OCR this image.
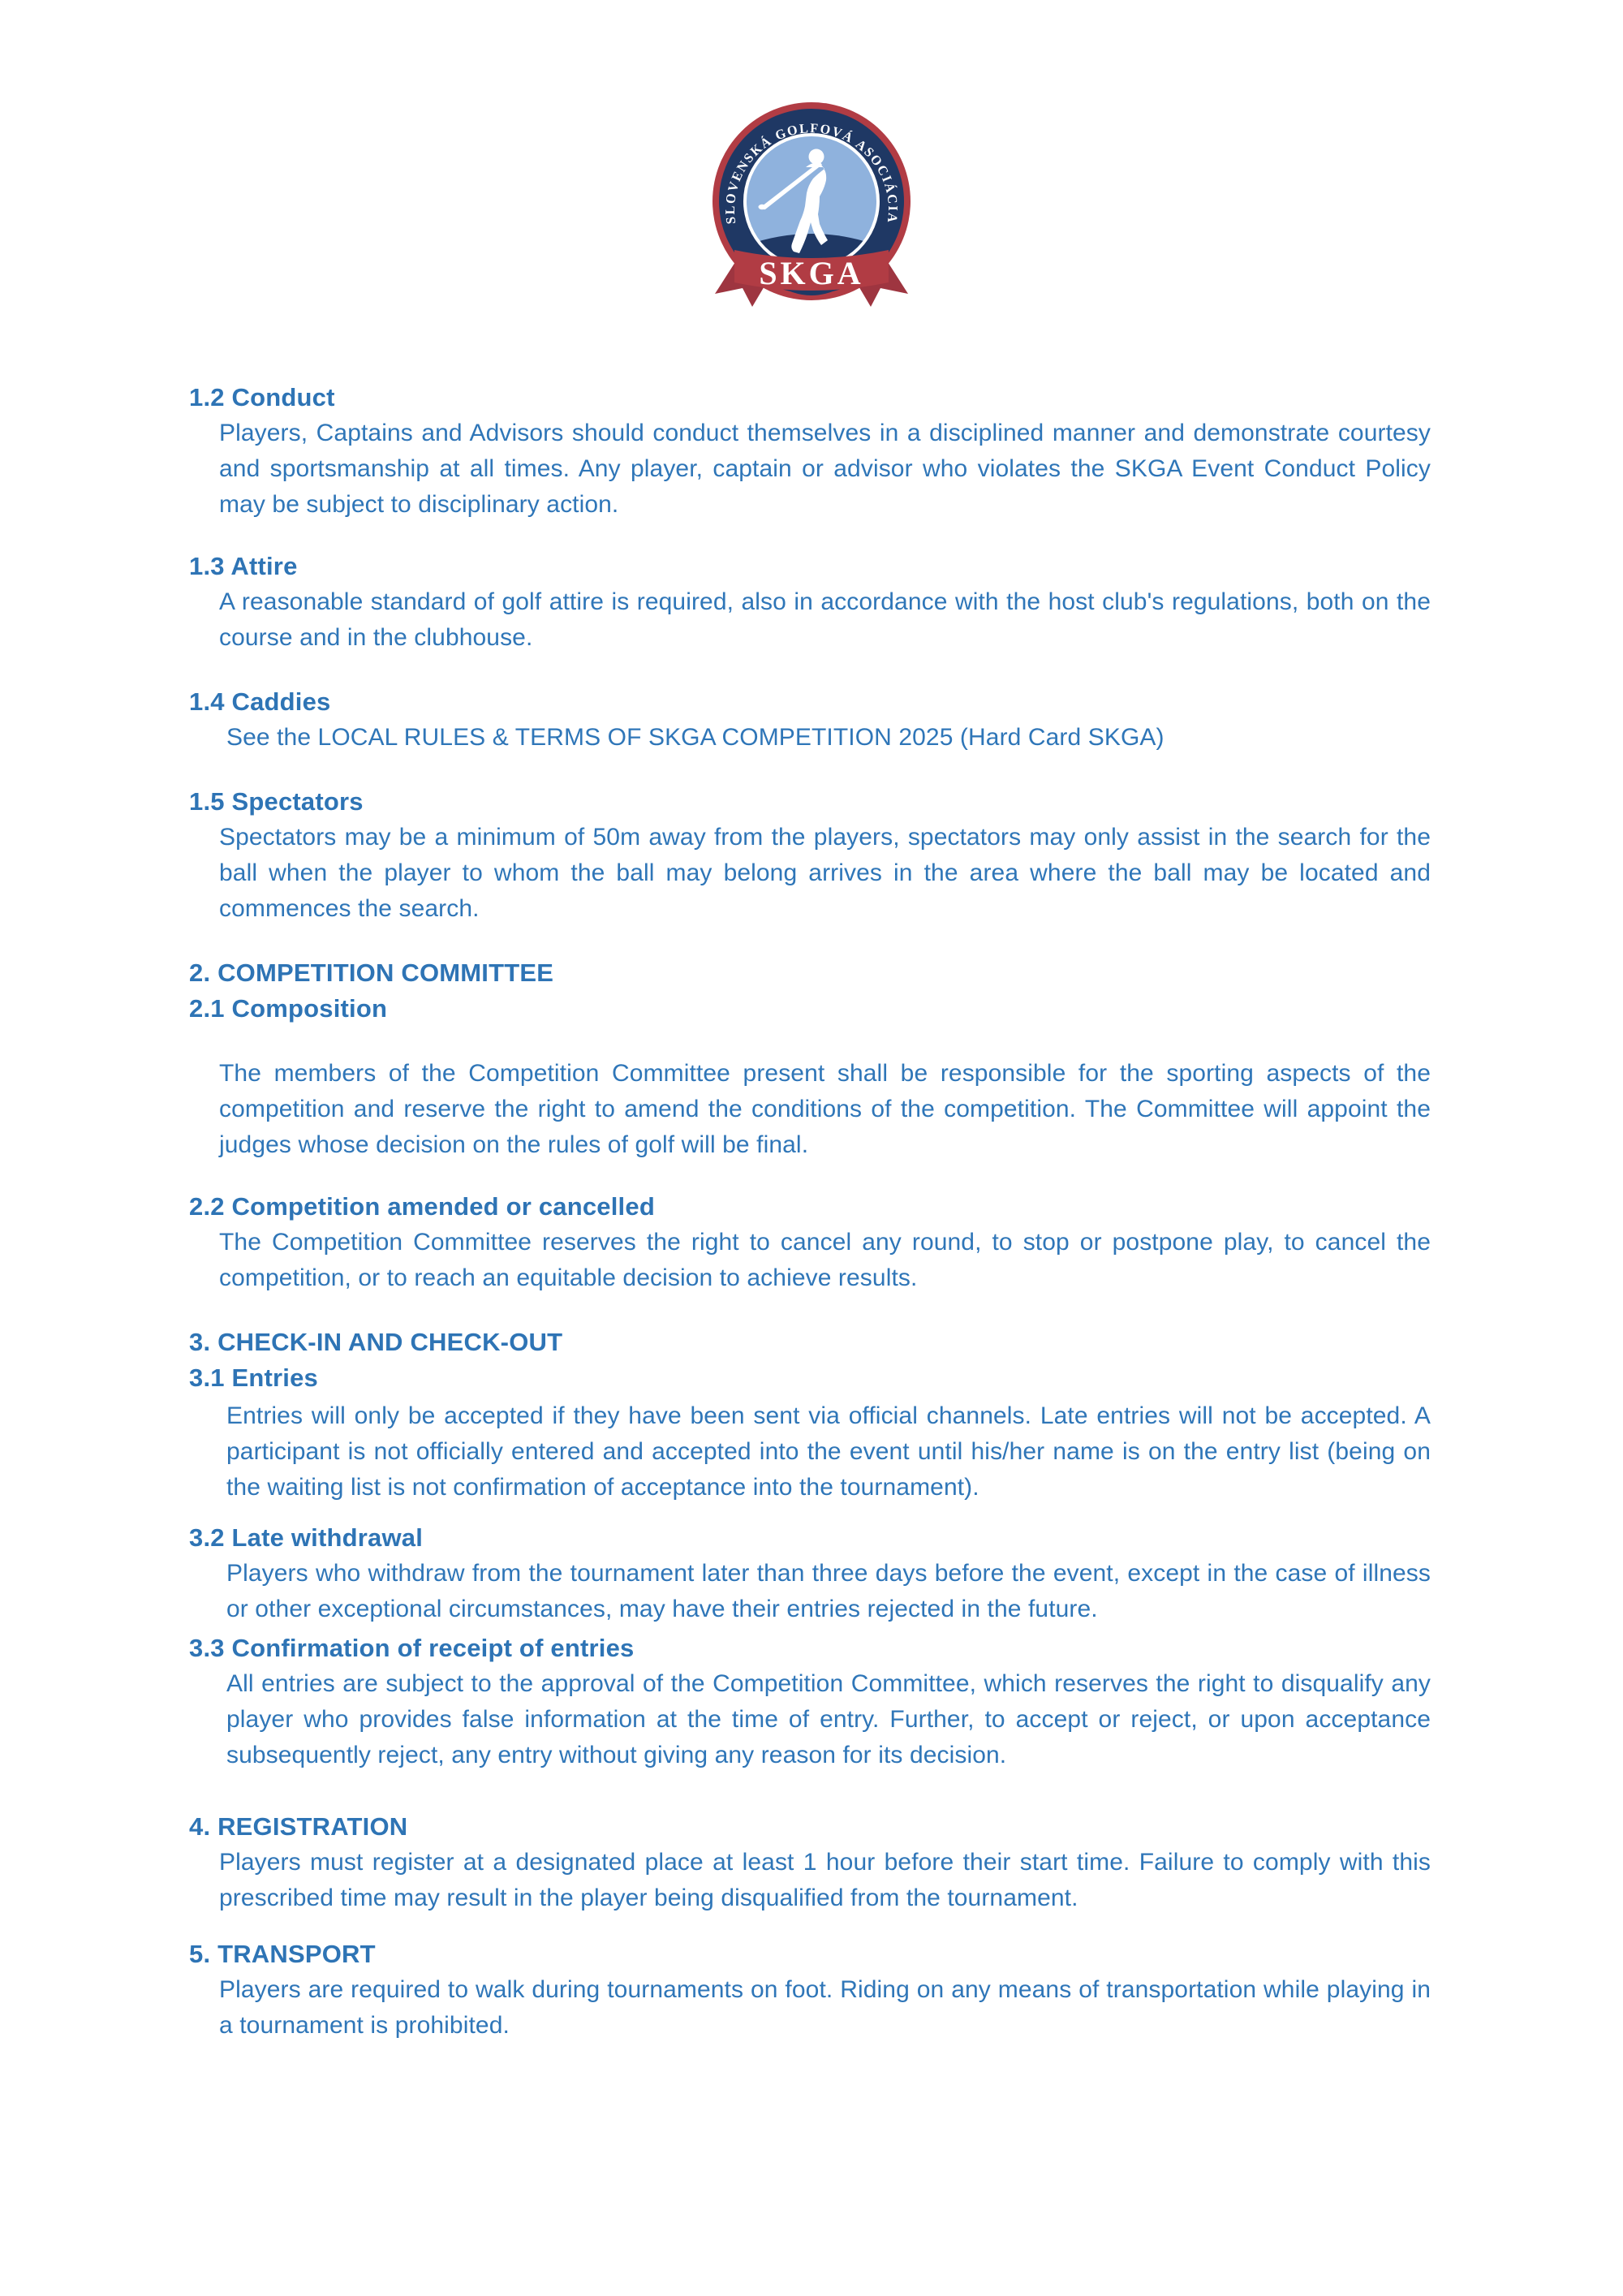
SLOVENSKÁ GOLFOVÁ ASOCIÁCIA
SKGA
1.2 Conduct

Players, Captains and Advisors should conduct themselves in a disciplined manner and demonstrate courtesy and sportsmanship at all times. Any player, captain or advisor who violates the SKGA Event Conduct Policy may be subject to disciplinary action.

1.3 Attire

A reasonable standard of golf attire is required, also in accordance with the host club's regulations, both on the course and in the clubhouse.

1.4 Caddies

See the LOCAL RULES & TERMS OF SKGA COMPETITION 2025 (Hard Card SKGA)

1.5 Spectators

Spectators may be a minimum of 50m away from the players, spectators may only assist in the search for the ball when the player to whom the ball may belong arrives in the area where the ball may be located and commences the search.

2. COMPETITION COMMITTEE
2.1 Composition

The members of the Competition Committee present shall be responsible for the sporting aspects of the competition and reserve the right to amend the conditions of the competition. The Committee will appoint the judges whose decision on the rules of golf will be final.

2.2 Competition amended or cancelled

The Competition Committee reserves the right to cancel any round, to stop or postpone play, to cancel the competition, or to reach an equitable decision to achieve results.

3. CHECK-IN AND CHECK-OUT
3.1 Entries

Entries will only be accepted if they have been sent via official channels. Late entries will not be accepted. A participant is not officially entered and accepted into the event until his/her name is on the entry list (being on the waiting list is not confirmation of acceptance into the tournament).

3.2 Late withdrawal

Players who withdraw from the tournament later than three days before the event, except in the case of illness or other exceptional circumstances, may have their entries rejected in the future.

3.3 Confirmation of receipt of entries

All entries are subject to the approval of the Competition Committee, which reserves the right to disqualify any player who provides false information at the time of entry. Further, to accept or reject, or upon acceptance subsequently reject, any entry without giving any reason for its decision.

4. REGISTRATION

Players must register at a designated place at least 1 hour before their start time. Failure to comply with this prescribed time may result in the player being disqualified from the tournament.

5. TRANSPORT

Players are required to walk during tournaments on foot. Riding on any means of transportation while playing in a tournament is prohibited.
